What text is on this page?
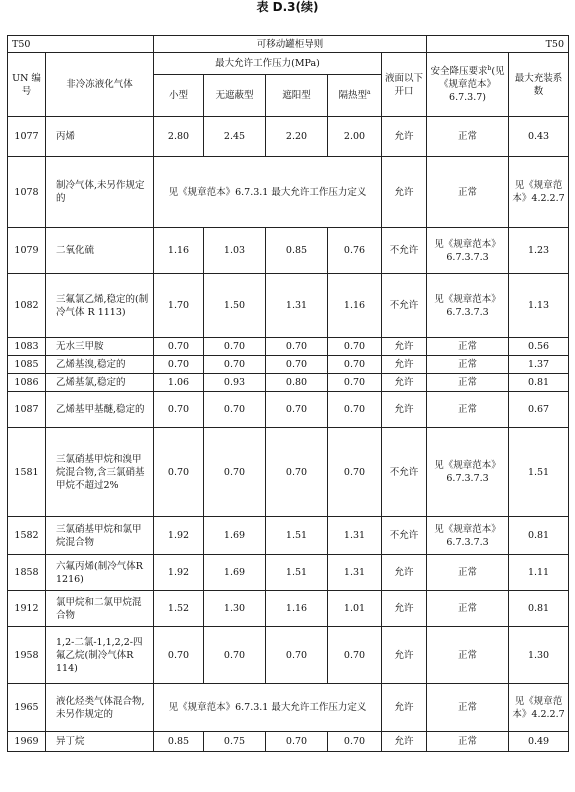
表 D.3(续)
T50		可移动罐柜导则					T50	
UN 编号	非冷冻液化气体	最大允许工作压力(MPa)				液面以下开口	安全降压要求$^b$(见《规章范本》6.7.3.7)	最大充装系数
		小型	无遮蔽型	遮阳型	隔热型$^a$
1077	丙烯	2.80	2.45	2.20	2.00	允许	正常	0.43
1078	制冷气体,未另作规定的	见《规章范本》6.7.3.1 最大允许工作压力定义				允许	正常	见《规章范本》4.2.2.7
1079	二氧化硫	1.16	1.03	0.85	0.76	不允许	见《规章范本》6.7.3.7.3	1.23
1082	三氟氯乙烯,稳定的(制冷气体 R 1113)	1.70	1.50	1.31	1.16	不允许	见《规章范本》6.7.3.7.3	1.13
1083	无水三甲胺	0.70	0.70	0.70	0.70	允许	正常	0.56
1085	乙烯基溴,稳定的	0.70	0.70	0.70	0.70	允许	正常	1.37
1086	乙烯基氯,稳定的	1.06	0.93	0.80	0.70	允许	正常	0.81
1087	乙烯基甲基醚,稳定的	0.70	0.70	0.70	0.70	允许	正常	0.67
1581	三氯硝基甲烷和溴甲烷混合物,含三氯硝基甲烷不超过2%	0.70	0.70	0.70	0.70	不允许	见《规章范本》6.7.3.7.3	1.51
1582	三氯硝基甲烷和氯甲烷混合物	1.92	1.69	1.51	1.31	不允许	见《规章范本》6.7.3.7.3	0.81
1858	六氟丙烯(制冷气体R 1216)	1.92	1.69	1.51	1.31	允许	正常	1.11
1912	氯甲烷和二氯甲烷混合物	1.52	1.30	1.16	1.01	允许	正常	0.81
1958	1,2-二氯-1,1,2,2-四氟乙烷(制冷气体R 114)	0.70	0.70	0.70	0.70	允许	正常	1.30
1965	液化烃类气体混合物,未另作规定的	见《规章范本》6.7.3.1 最大允许工作压力定义				允许	正常	见《规章范本》4.2.2.7
1969	异丁烷	0.85	0.75	0.70	0.70	允许	正常	0.49
